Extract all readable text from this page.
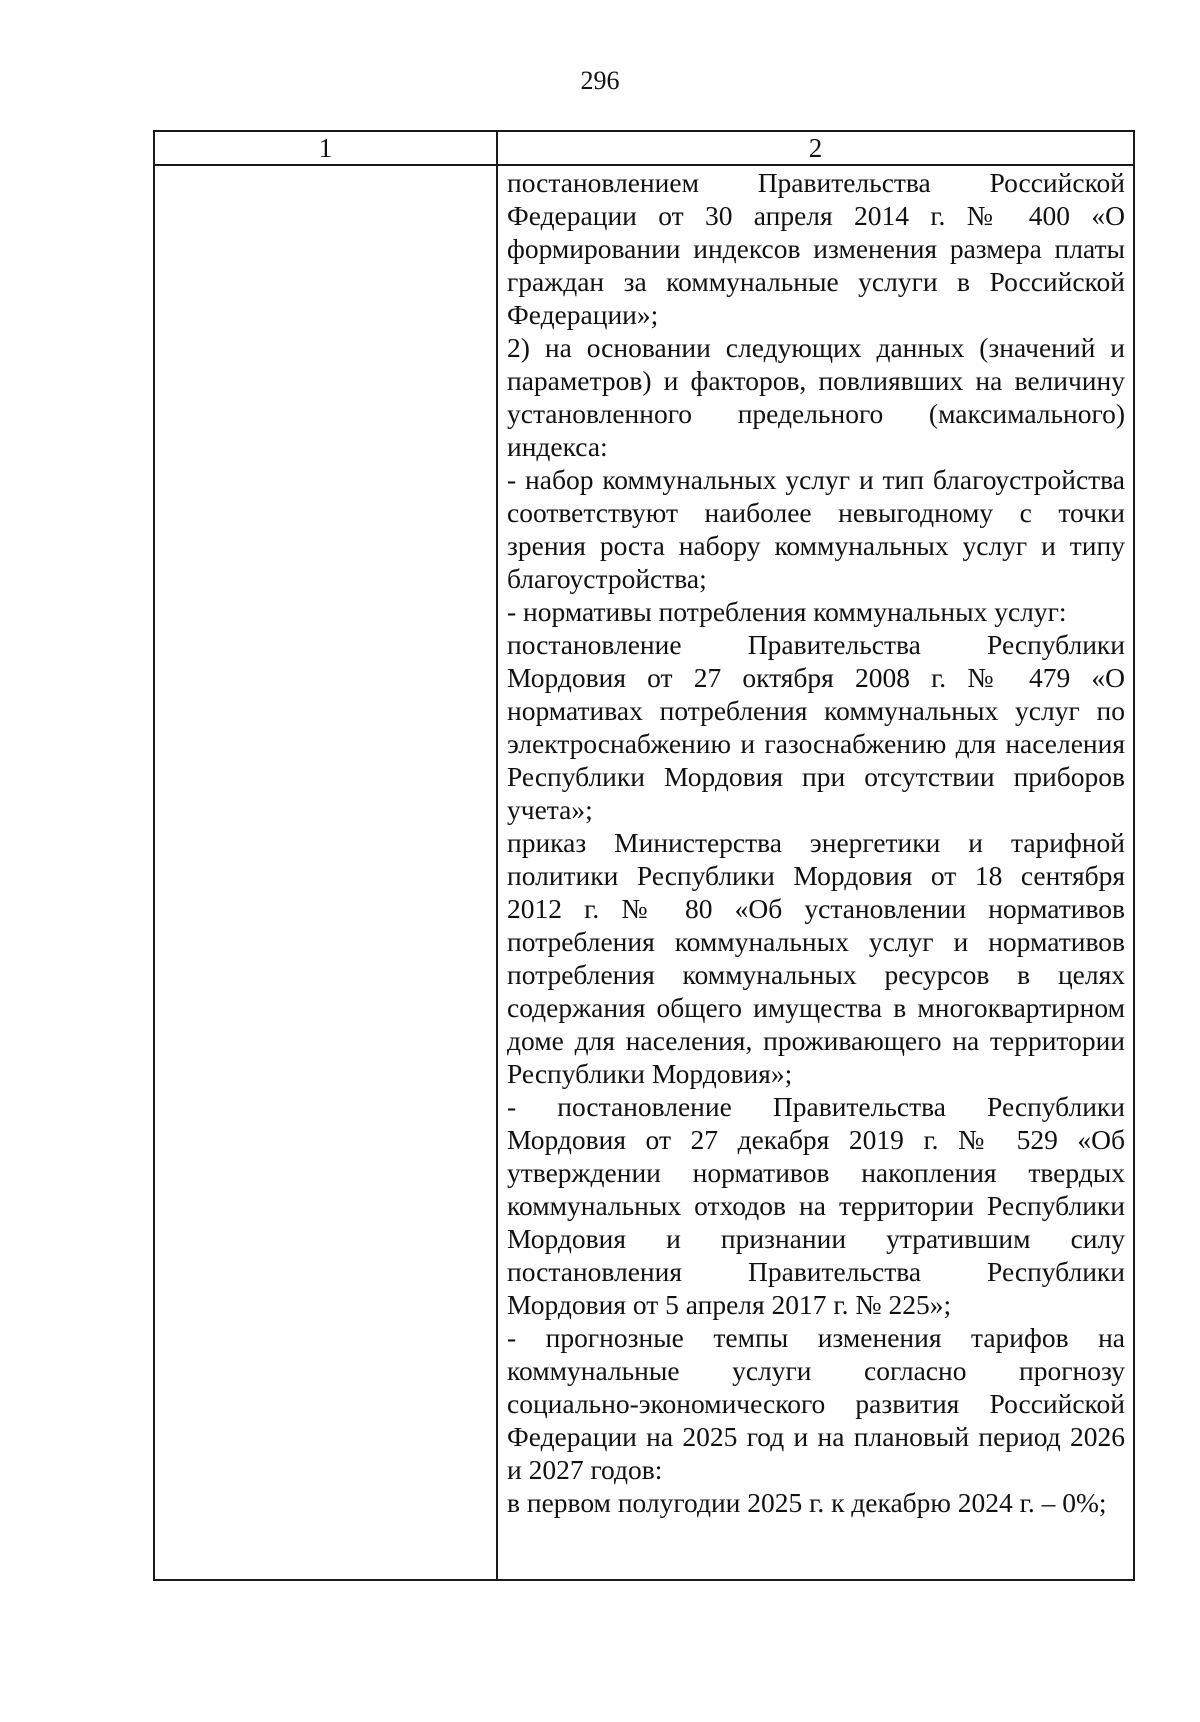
296
1	2

постановлением Правительства Российской Федерации от 30 апреля 2014 г. № 400 «О формировании индексов изменения размера платы граждан за коммунальные услуги в Российской Федерации»;

2) на основании следующих данных (значений и параметров) и факторов, повлиявших на величину установленного предельного (максимального) индекса:

- набор коммунальных услуг и тип благоустройства соответствуют наиболее невыгодному с точки зрения роста набору коммунальных услуг и типу благоустройства;

- нормативы потребления коммунальных услуг:

постановление Правительства Республики Мордовия от 27 октября 2008 г. № 479 «О нормативах потребления коммунальных услуг по электроснабжению и газоснабжению для населения Республики Мордовия при отсутствии приборов учета»;

приказ Министерства энергетики и тарифной политики Республики Мордовия от 18 сентября 2012 г. № 80 «Об установлении нормативов потребления коммунальных услуг и нормативов потребления коммунальных ресурсов в целях содержания общего имущества в многоквартирном доме для населения, проживающего на территории Республики Мордовия»;

- постановление Правительства Республики Мордовия от 27 декабря 2019 г. № 529 «Об утверждении нормативов накопления твердых коммунальных отходов на территории Республики Мордовия и признании утратившим силу постановления Правительства Республики Мордовия от 5 апреля 2017 г. № 225»;

- прогнозные темпы изменения тарифов на коммунальные услуги согласно прогнозу социально-экономического развития Российской Федерации на 2025 год и на плановый период 2026 и 2027 годов:

в первом полугодии 2025 г. к декабрю 2024 г. – 0%;
